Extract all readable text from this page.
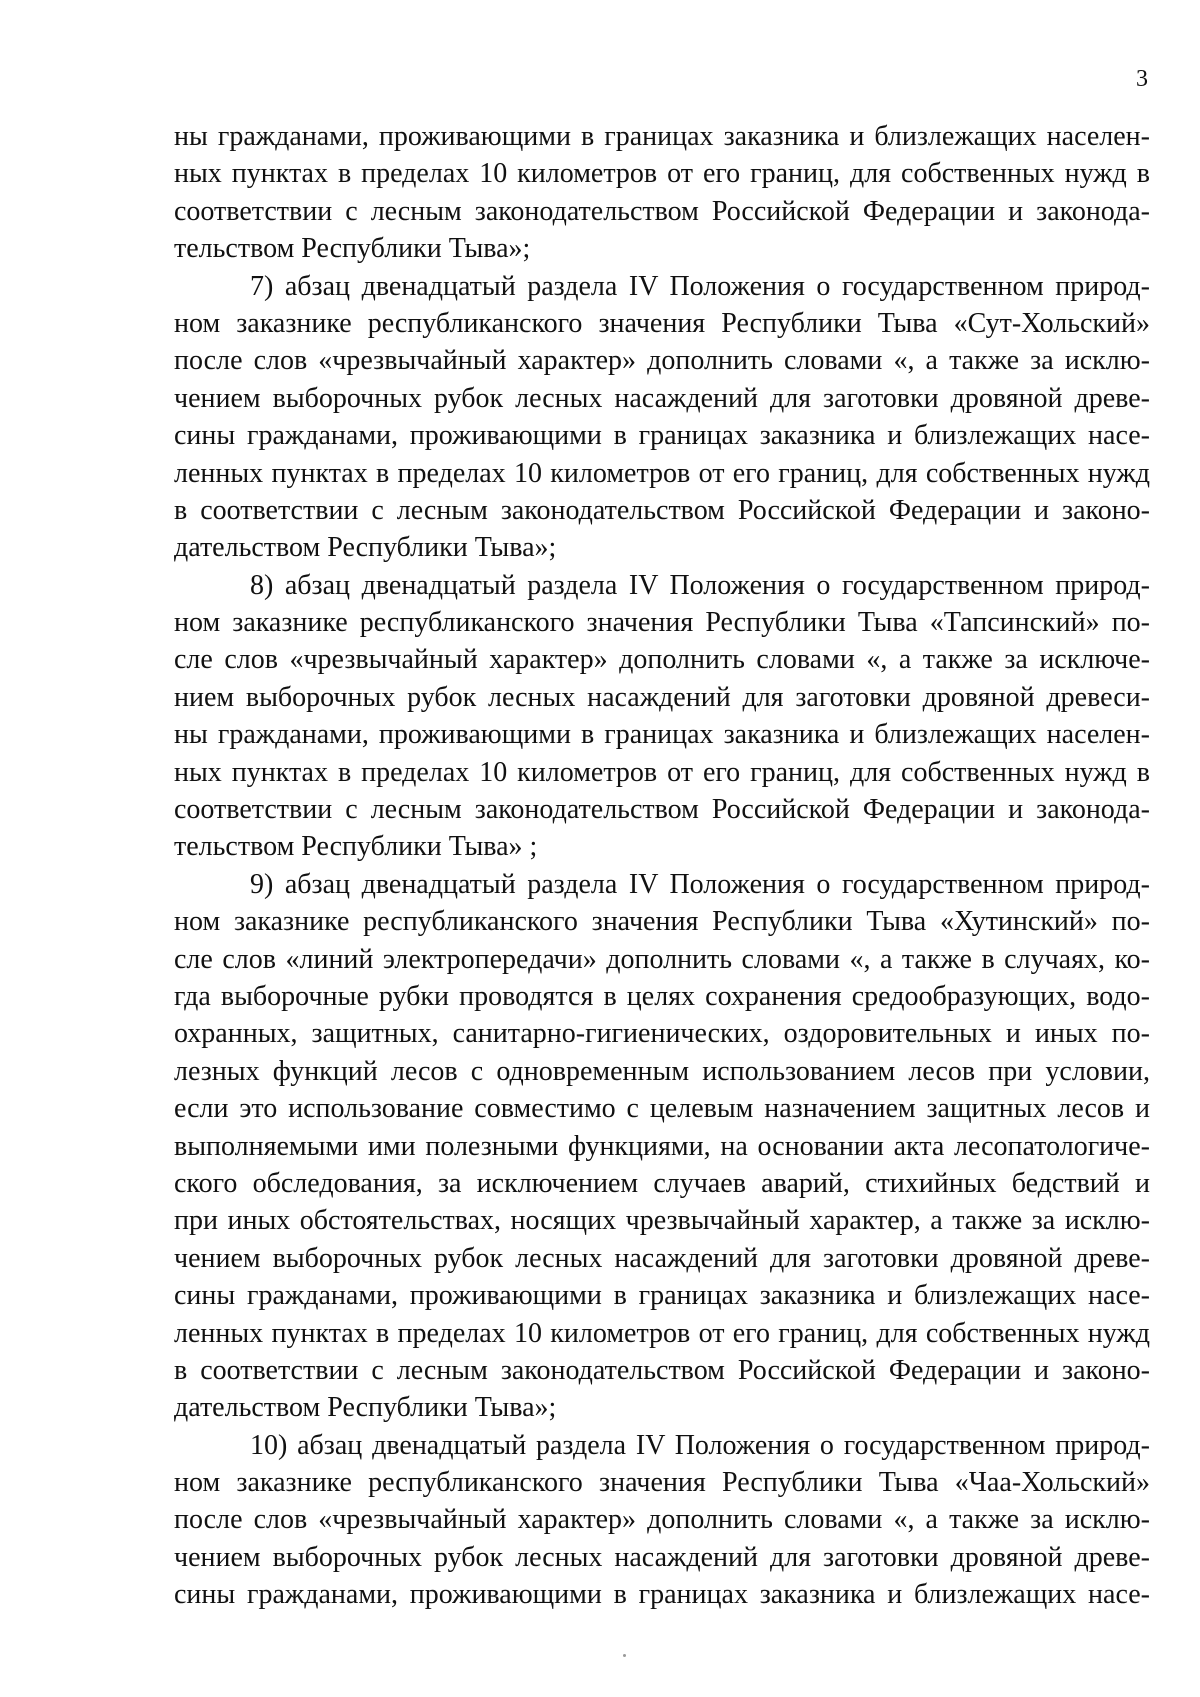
3
ны гражданами, проживающими в границах заказника и близлежащих населен-
ных пунктах в пределах 10 километров от его границ, для собственных нужд в
соответствии с лесным законодательством Российской Федерации и законода-
тельством Республики Тыва»;
7) абзац двенадцатый раздела IV Положения о государственном природ-
ном заказнике республиканского значения Республики Тыва «Сут-Хольский»
после слов «чрезвычайный характер» дополнить словами «, а также за исклю-
чением выборочных рубок лесных насаждений для заготовки дровяной древе-
сины гражданами, проживающими в границах заказника и близлежащих насе-
ленных пунктах в пределах 10 километров от его границ, для собственных нужд
в соответствии с лесным законодательством Российской Федерации и законо-
дательством Республики Тыва»;
8) абзац двенадцатый раздела IV Положения о государственном природ-
ном заказнике республиканского значения Республики Тыва «Тапсинский» по-
сле слов «чрезвычайный характер» дополнить словами «, а также за исключе-
нием выборочных рубок лесных насаждений для заготовки дровяной древеси-
ны гражданами, проживающими в границах заказника и близлежащих населен-
ных пунктах в пределах 10 километров от его границ, для собственных нужд в
соответствии с лесным законодательством Российской Федерации и законода-
тельством Республики Тыва» ;
9) абзац двенадцатый раздела IV Положения о государственном природ-
ном заказнике республиканского значения Республики Тыва «Хутинский» по-
сле слов «линий электропередачи» дополнить словами «, а также в случаях, ко-
гда выборочные рубки проводятся в целях сохранения средообразующих, водо-
охранных, защитных, санитарно-гигиенических, оздоровительных и иных по-
лезных функций лесов с одновременным использованием лесов при условии,
если это использование совместимо с целевым назначением защитных лесов и
выполняемыми ими полезными функциями, на основании акта лесопатологиче-
ского обследования, за исключением случаев аварий, стихийных бедствий и
при иных обстоятельствах, носящих чрезвычайный характер, а также за исклю-
чением выборочных рубок лесных насаждений для заготовки дровяной древе-
сины гражданами, проживающими в границах заказника и близлежащих насе-
ленных пунктах в пределах 10 километров от его границ, для собственных нужд
в соответствии с лесным законодательством Российской Федерации и законо-
дательством Республики Тыва»;
10) абзац двенадцатый раздела IV Положения о государственном природ-
ном заказнике республиканского значения Республики Тыва «Чаа-Хольский»
после слов «чрезвычайный характер» дополнить словами «, а также за исклю-
чением выборочных рубок лесных насаждений для заготовки дровяной древе-
сины гражданами, проживающими в границах заказника и близлежащих насе-
